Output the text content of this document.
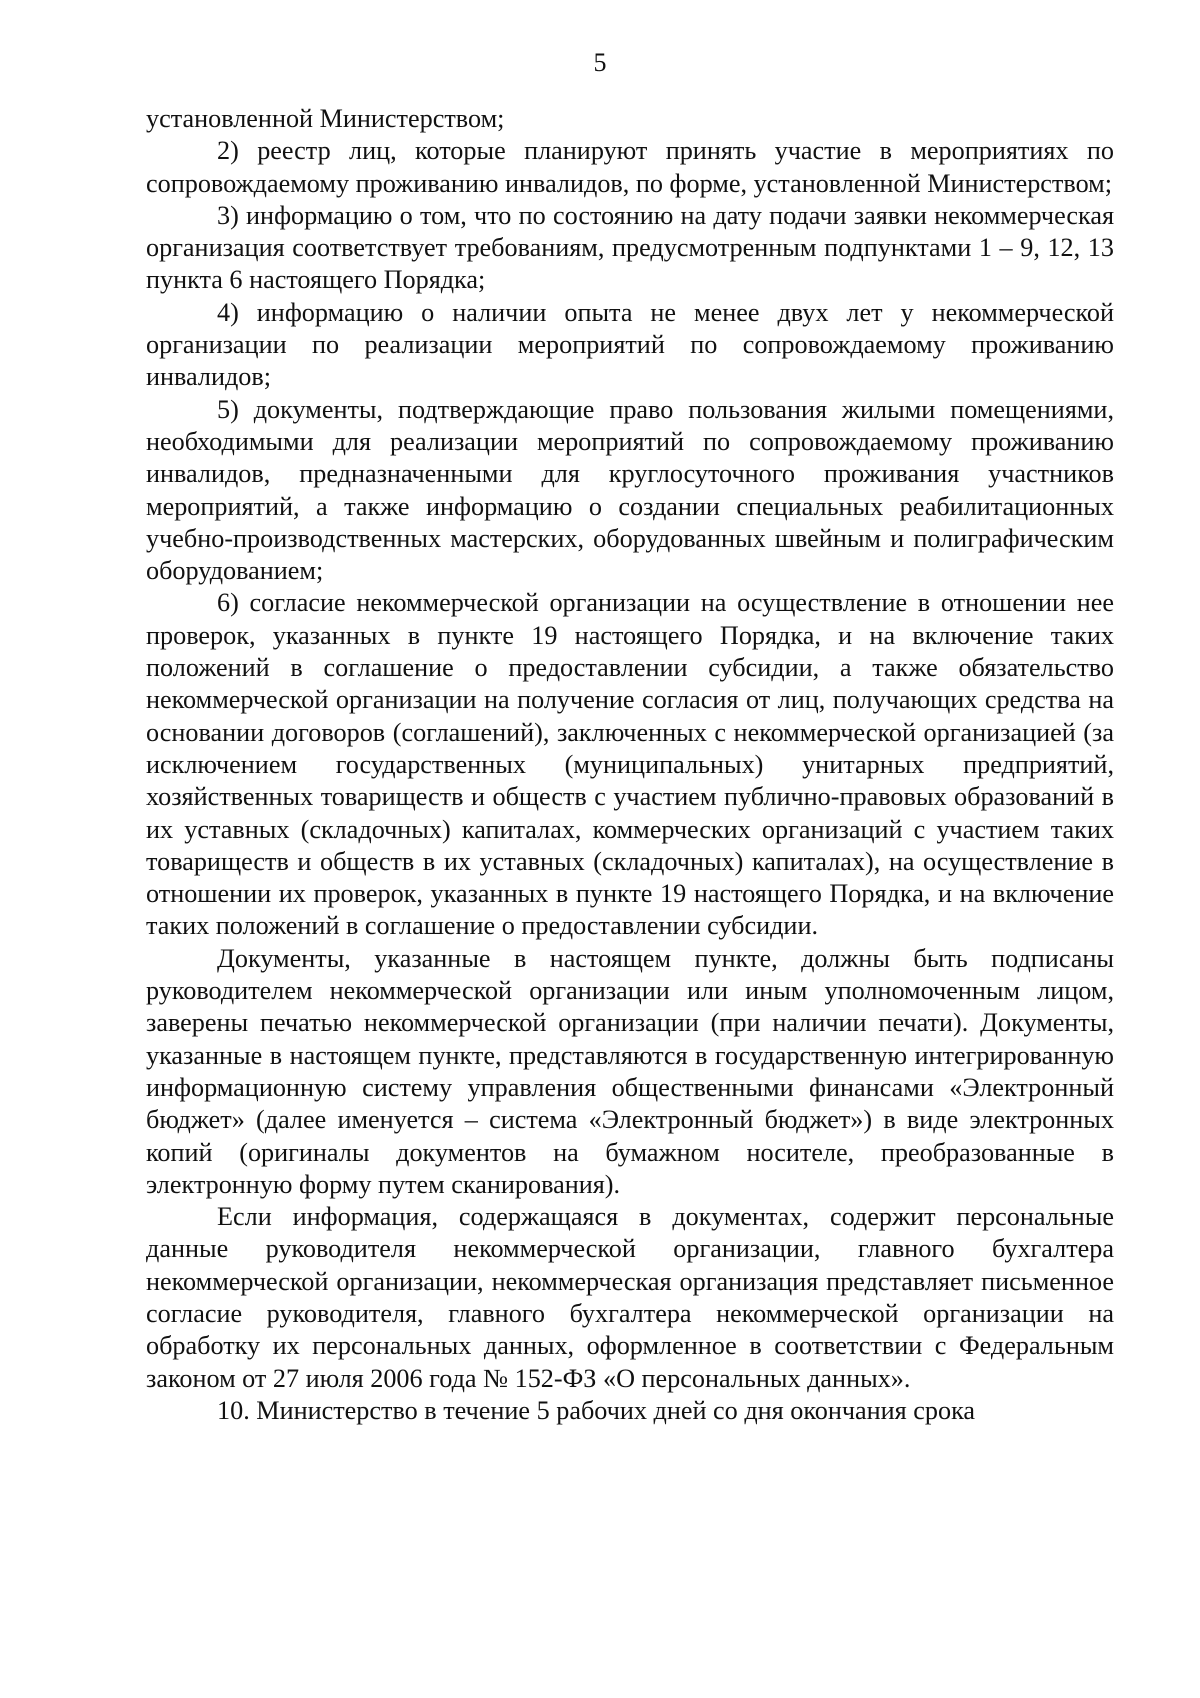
5

установленной Министерством;

2) реестр лиц, которые планируют принять участие в мероприятиях по сопровождаемому проживанию инвалидов, по форме, установленной Министерством;

3) информацию о том, что по состоянию на дату подачи заявки некоммерческая организация соответствует требованиям, предусмотренным подпунктами 1 – 9, 12, 13 пункта 6 настоящего Порядка;

4) информацию о наличии опыта не менее двух лет у некоммерческой организации по реализации мероприятий по сопровождаемому проживанию инвалидов;

5) документы, подтверждающие право пользования жилыми помещениями, необходимыми для реализации мероприятий по сопровождаемому проживанию инвалидов, предназначенными для круглосуточного проживания участников мероприятий, а также информацию о создании специальных реабилитационных учебно-производственных мастерских, оборудованных швейным и полиграфическим оборудованием;

6) согласие некоммерческой организации на осуществление в отношении нее проверок, указанных в пункте 19 настоящего Порядка, и на включение таких положений в соглашение о предоставлении субсидии, а также обязательство некоммерческой организации на получение согласия от лиц, получающих средства на основании договоров (соглашений), заключенных с некоммерческой организацией (за исключением государственных (муниципальных) унитарных предприятий, хозяйственных товариществ и обществ с участием публично-правовых образований в их уставных (складочных) капиталах, коммерческих организаций с участием таких товариществ и обществ в их уставных (складочных) капиталах), на осуществление в отношении их проверок, указанных в пункте 19 настоящего Порядка, и на включение таких положений в соглашение о предоставлении субсидии.

Документы, указанные в настоящем пункте, должны быть подписаны руководителем некоммерческой организации или иным уполномоченным лицом, заверены печатью некоммерческой организации (при наличии печати). Документы, указанные в настоящем пункте, представляются в государственную интегрированную информационную систему управления общественными финансами «Электронный бюджет» (далее именуется – система «Электронный бюджет») в виде электронных копий (оригиналы документов на бумажном носителе, преобразованные в электронную форму путем сканирования).

Если информация, содержащаяся в документах, содержит персональные данные руководителя некоммерческой организации, главного бухгалтера некоммерческой организации, некоммерческая организация представляет письменное согласие руководителя, главного бухгалтера некоммерческой организации на обработку их персональных данных, оформленное в соответствии с Федеральным законом от 27 июля 2006 года № 152-ФЗ «О персональных данных».

10. Министерство в течение 5 рабочих дней со дня окончания срока
